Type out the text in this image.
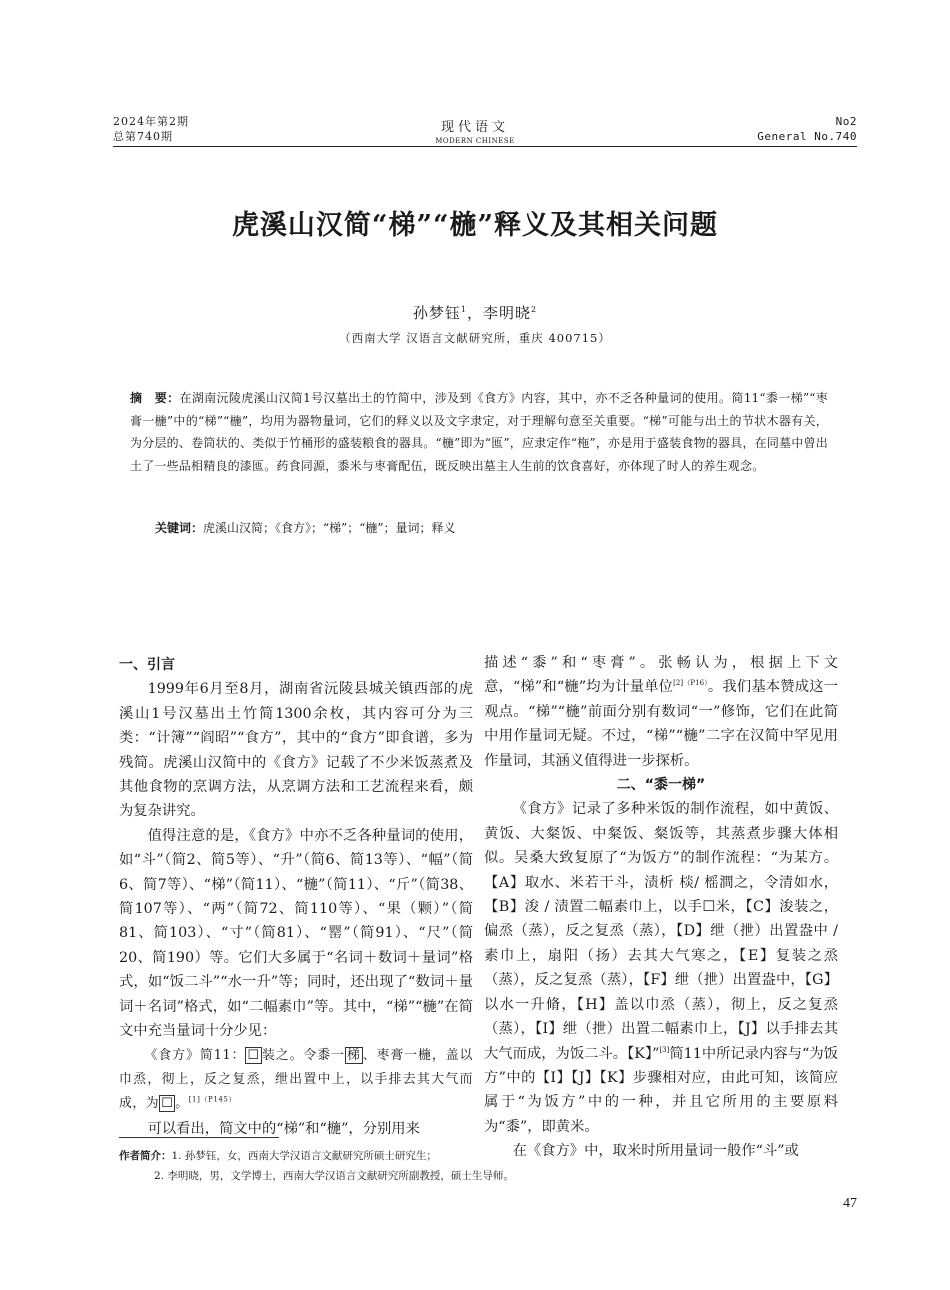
2024年第2期
总第740期
现代语文
MODERN CHINESE
No2
General No.740
虎溪山汉简“梯”“椸”释义及其相关问题
孙梦钰$^1$，李明晓$^2$
（西南大学 汉语言文献研究所，重庆 400715）
摘　要：在湖南沅陵虎溪山汉简1号汉墓出土的竹简中，涉及到《食方》内容，其中，亦不乏各种量词的使用。简11“黍一梯”“枣膏一椸”中的“梯”“椸”，均用为器物量词，它们的释义以及文字隶定，对于理解句意至关重要。“梯”可能与出土的节状木器有关，为分层的、卷筒状的、类似于竹桶形的盛装粮食的器具。“椸”即为“匜”，应隶定作“柂”，亦是用于盛装食物的器具，在同墓中曾出土了一些品相精良的漆匜。药食同源，黍米与枣膏配伍，既反映出墓主人生前的饮食喜好，亦体现了时人的养生观念。
关键词：虎溪山汉简；《食方》；“梯”；“椸”；量词；释义
一、引言

1999年6月至8月，湖南省沅陵县城关镇西部的虎溪山1号汉墓出土竹简1300余枚，其内容可分为三类：“计簿”“阎昭”“食方”，其中的“食方”即食谱，多为残简。虎溪山汉简中的《食方》记载了不少米饭蒸煮及其他食物的烹调方法，从烹调方法和工艺流程来看，颇为复杂讲究。

值得注意的是，《食方》中亦不乏各种量词的使用，如“斗”（简2、简5等）、“升”（简6、简13等）、“幅”（简6、简7等）、“梯”（简11）、“椸”（简11）、“斤”（简38、简107等）、“两”（简72、简110等）、“果（颗）”（简81、简103）、“寸”（简81）、“罂”（简91）、“尺”（简20、简190）等。它们大多属于“名词＋数词＋量词”格式，如“饭二斗”“水一升”等；同时，还出现了“数词＋量词＋名词”格式，如“二幅素巾”等。其中，“梯”“椸”在简文中充当量词十分少见：

《食方》简11： ☐ 装之。令黍一 梯 、枣膏一椸，盖以巾烝，彻上，反之复烝，绁出置中上，以手排去其大气而成，为 ☐ 。$^{[1](P145)}$

可以看出，简文中的“梯”和“椸”，分别用来

描述“黍”和“枣膏”。张畅认为，根据上下文意，“梯”和“椸”均为计量单位$^{[2](P16)}$。我们基本赞成这一观点。“梯”“椸”前面分别有数词“一”修饰，它们在此简中用作量词无疑。不过，“梯”“椸”二字在汉简中罕见用作量词，其涵义值得进一步探析。

二、“黍一梯”

《食方》记录了多种米饭的制作流程，如中黄饭、黄饭、大粲饭、中粲饭、粲饭等，其蒸煮步骤大体相似。吴桑大致复原了“为饭方”的制作流程：“为某方。【A】取水、米若干斗，渍析 棪/ 榣澗之，令清如水，【B】浚 / 渍置二幅素巾上，以手☐米，【C】浚装之，偏烝（蒸），反之复烝（蒸），【D】绁（抴）出置盎中 / 素巾上，扇阳（扬）去其大气寒之，【E】复装之烝（蒸），反之复烝（蒸），【F】绁（抴）出置盎中，【G】以水一升脩，【H】盖以巾烝（蒸），彻上，反之复烝（蒸），【I】绁（抴）出置二幅素巾上，【J】以手排去其大气而成，为饭二斗。【K】”[3]简11中所记录内容与“为饭方”中的【I】【J】【K】步骤相对应，由此可知，该简应属于“为饭方”中的一种，并且它所用的主要原料为“黍”，即黄米。

在《食方》中，取米时所用量词一般作“斗”或

作者简介：1. 孙梦钰，女，西南大学汉语言文献研究所硕士研究生；
2. 李明晓，男，文学博士，西南大学汉语言文献研究所副教授，硕士生导师。
47
